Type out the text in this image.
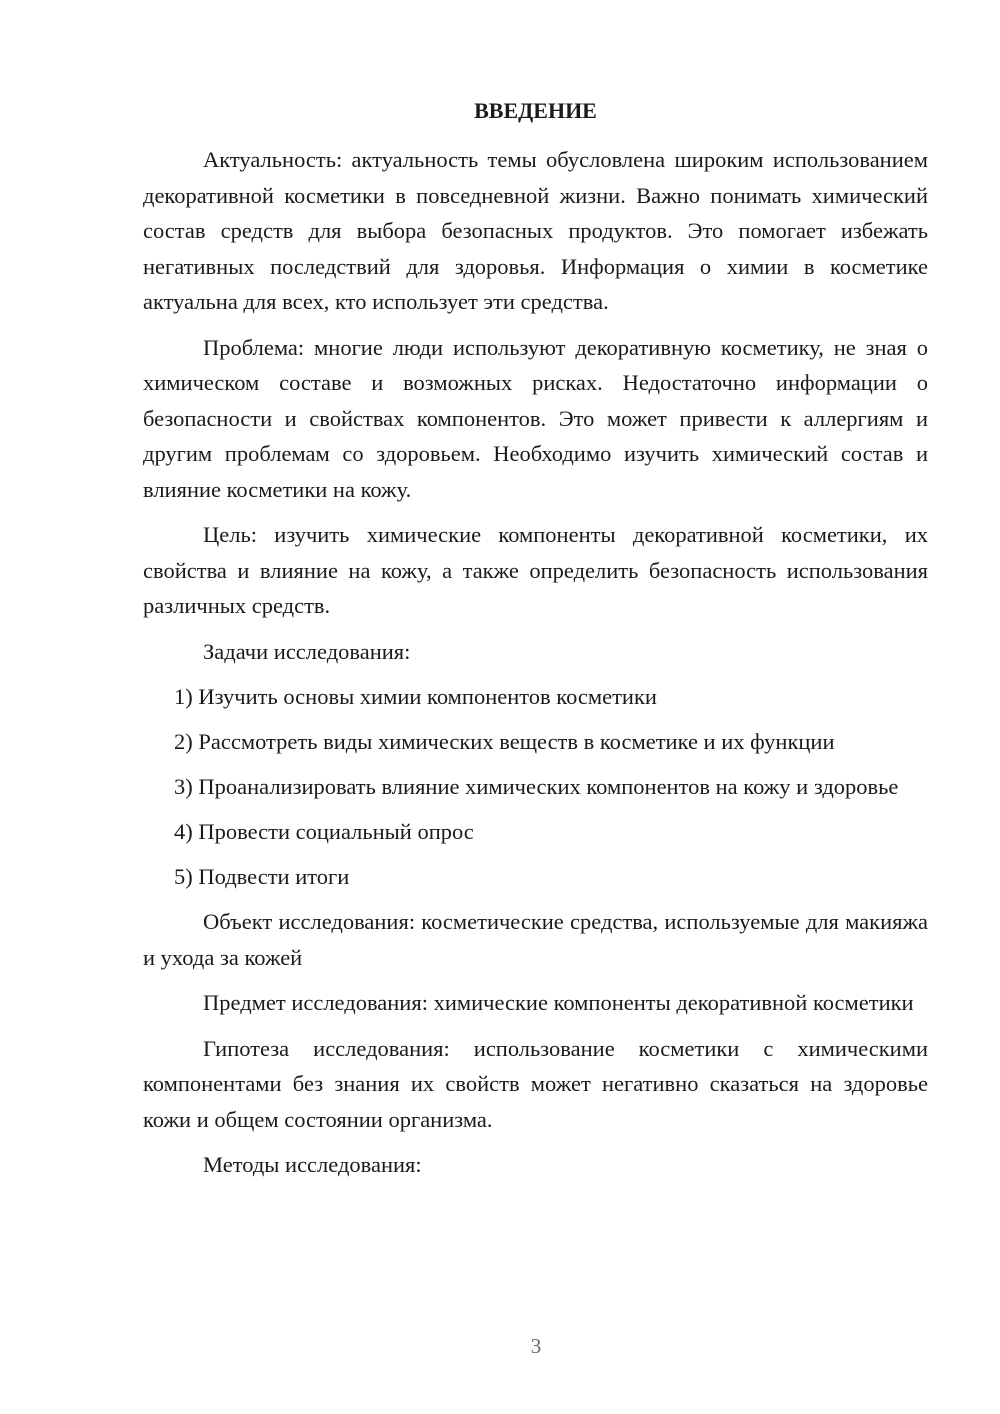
ВВЕДЕНИЕ

Актуальность: актуальность темы обусловлена широким использованием декоративной косметики в повседневной жизни. Важно понимать химический состав средств для выбора безопасных продуктов. Это помогает избежать негативных последствий для здоровья. Информация о химии в косметике актуальна для всех, кто использует эти средства.

Проблема: многие люди используют декоративную косметику, не зная о химическом составе и возможных рисках. Недостаточно информации о безопасности и свойствах компонентов. Это может привести к аллергиям и другим проблемам со здоровьем. Необходимо изучить химический состав и влияние косметики на кожу.

Цель: изучить химические компоненты декоративной косметики, их свойства и влияние на кожу, а также определить безопасность использования различных средств.

Задачи исследования:

1) Изучить основы химии компонентов косметики

2) Рассмотреть виды химических веществ в косметике и их функции

3) Проанализировать влияние химических компонентов на кожу и здоровье

4) Провести социальный опрос

5) Подвести итоги

Объект исследования: косметические средства, используемые для макияжа и ухода за кожей

Предмет исследования: химические компоненты декоративной косметики

Гипотеза исследования: использование косметики с химическими компонентами без знания их свойств может негативно сказаться на здоровье кожи и общем состоянии организма.

Методы исследования:

3
